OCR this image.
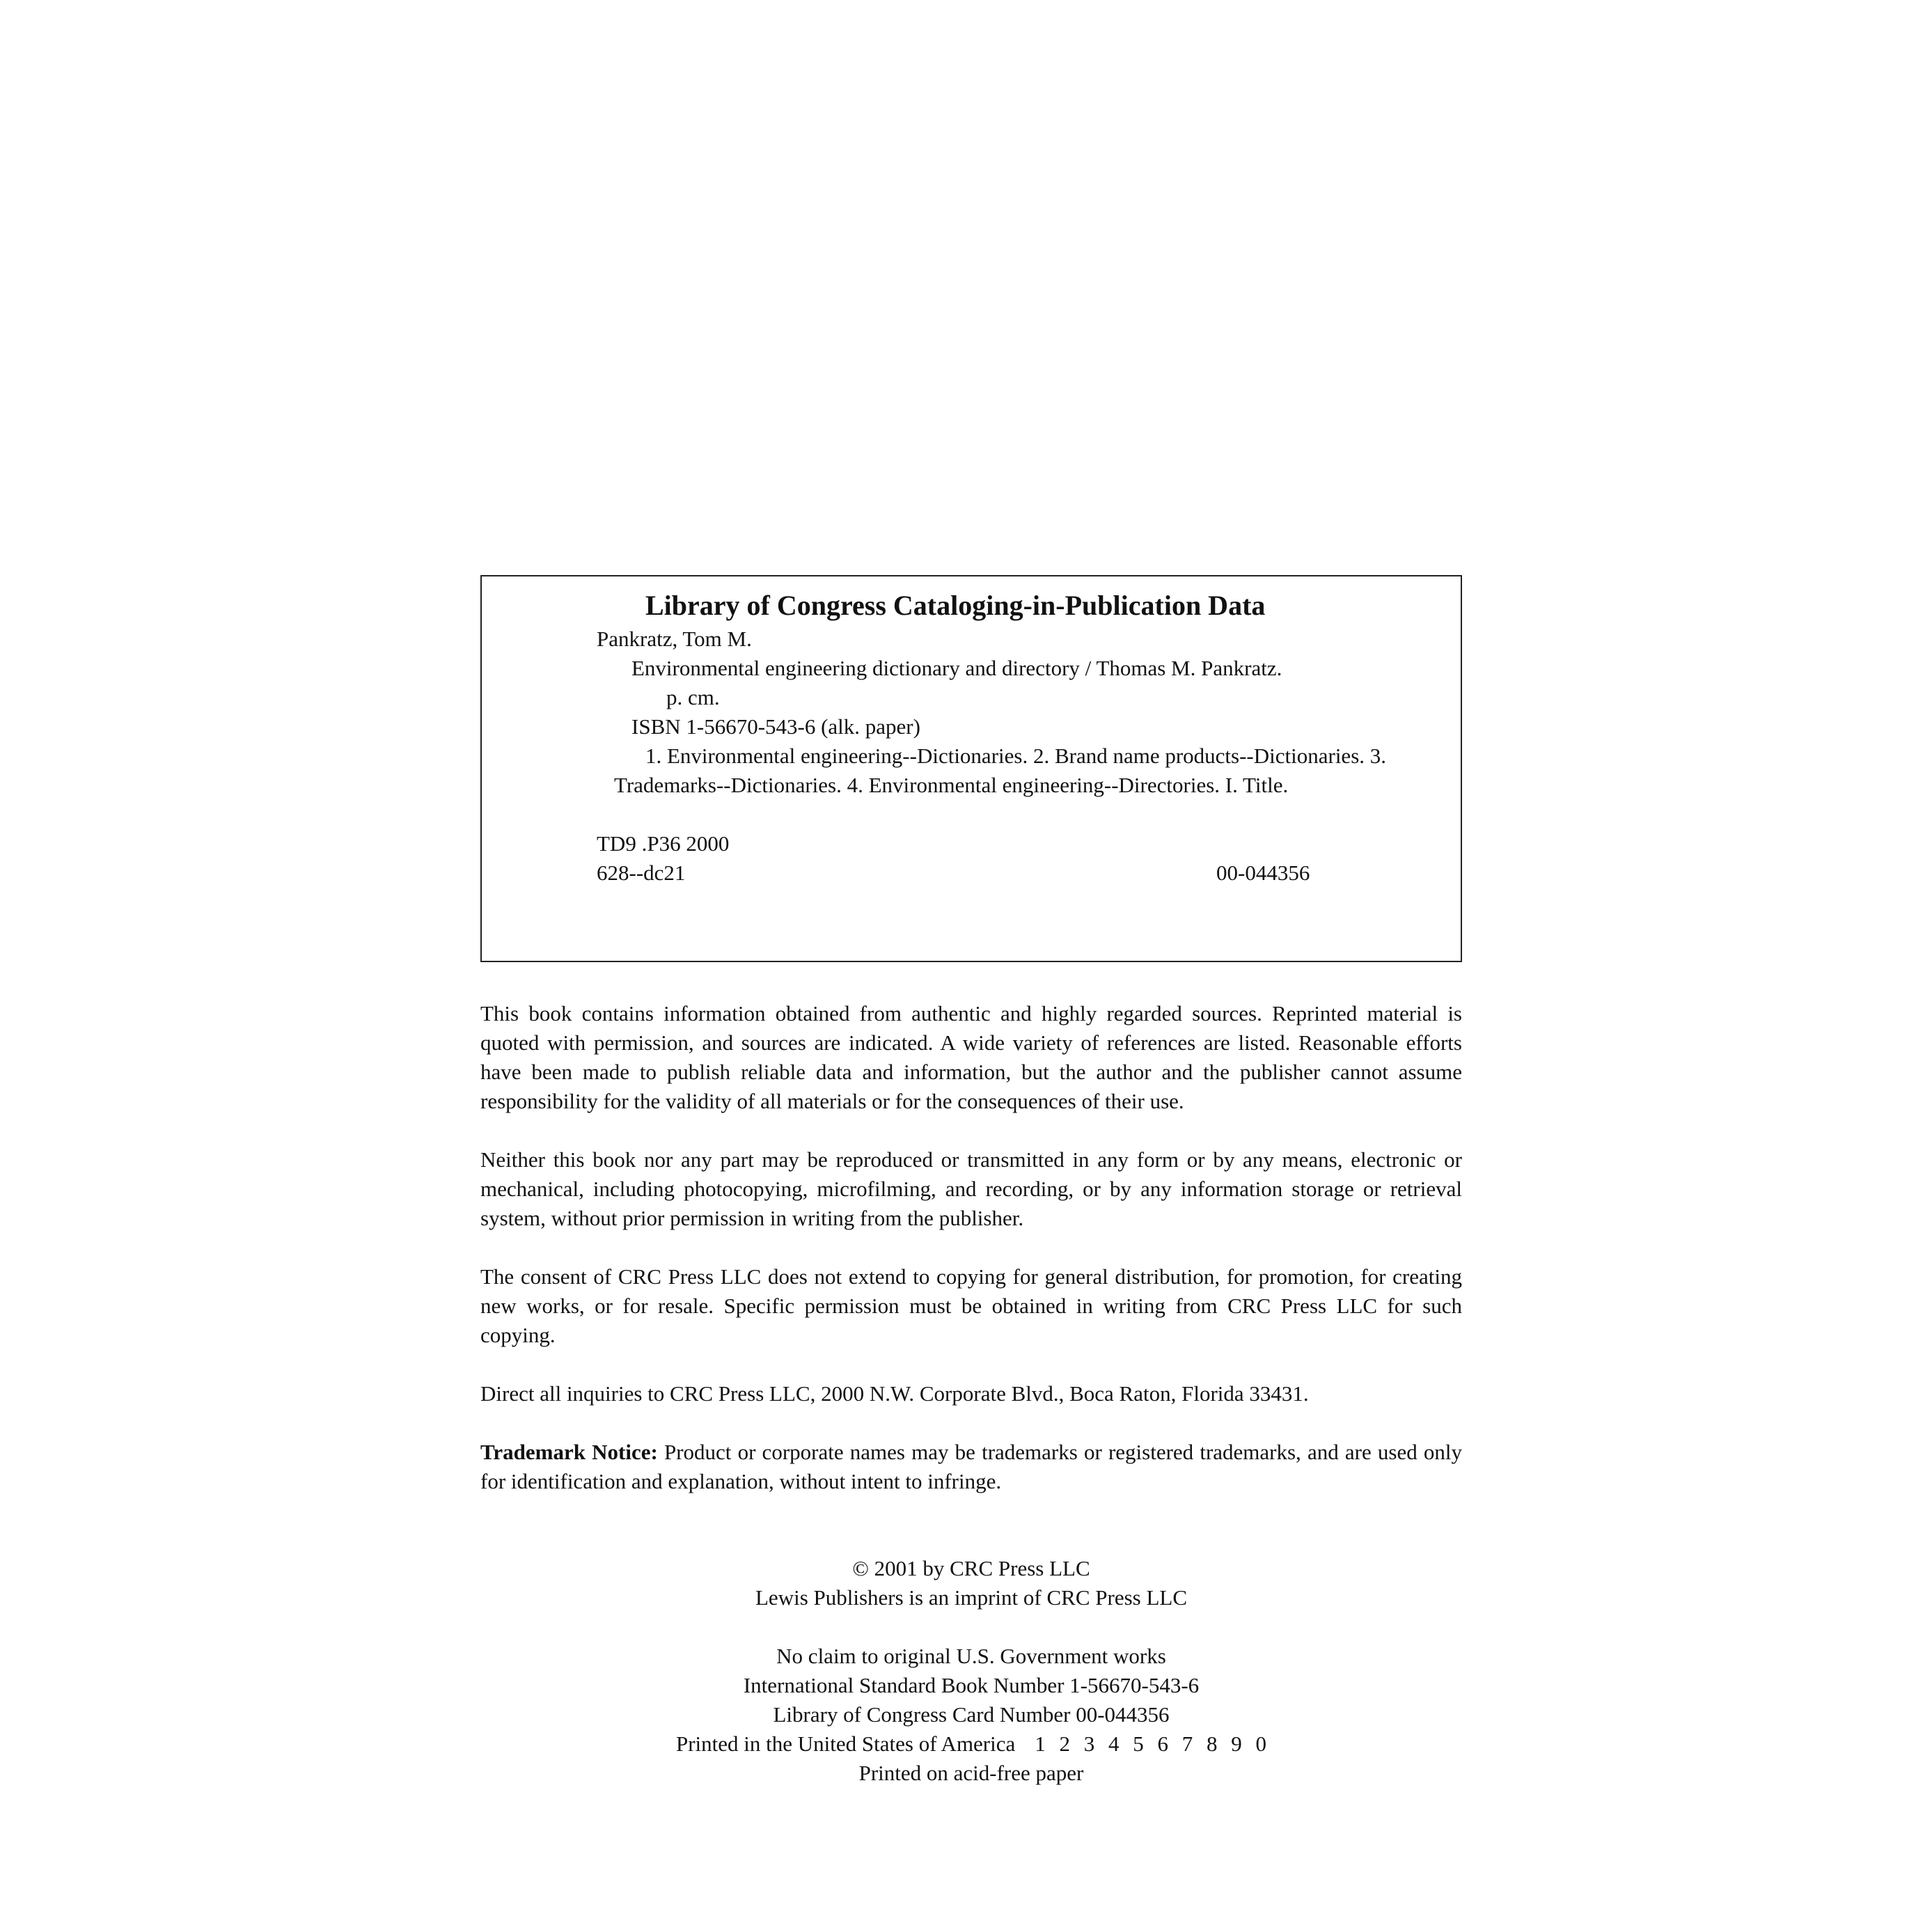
Library of Congress Cataloging-in-Publication Data
Pankratz, Tom M.
Environmental engineering dictionary and directory / Thomas M. Pankratz.
p. cm.
ISBN 1-56670-543-6 (alk. paper)
1. Environmental engineering--Dictionaries. 2. Brand name products--Dictionaries. 3.
Trademarks--Dictionaries. 4. Environmental engineering--Directories. I. Title.
TD9 .P36 2000
628--dc21	00-044356
This book contains information obtained from authentic and highly regarded sources. Reprinted material is quoted with permission, and sources are indicated. A wide variety of references are listed. Reasonable efforts have been made to publish reliable data and information, but the author and the publisher cannot assume responsibility for the validity of all materials or for the consequences of their use.
Neither this book nor any part may be reproduced or transmitted in any form or by any means, electronic or mechanical, including photocopying, microfilming, and recording, or by any information storage or retrieval system, without prior permission in writing from the publisher.
The consent of CRC Press LLC does not extend to copying for general distribution, for promotion, for creating new works, or for resale. Specific permission must be obtained in writing from CRC Press LLC for such copying.
Direct all inquiries to CRC Press LLC, 2000 N.W. Corporate Blvd., Boca Raton, Florida 33431.
Trademark Notice: Product or corporate names may be trademarks or registered trademarks, and are used only for identification and explanation, without intent to infringe.
© 2001 by CRC Press LLC
Lewis Publishers is an imprint of CRC Press LLC
No claim to original U.S. Government works
International Standard Book Number 1-56670-543-6
Library of Congress Card Number 00-044356
Printed in the United States of America 1 2 3 4 5 6 7 8 9 0
Printed on acid-free paper
